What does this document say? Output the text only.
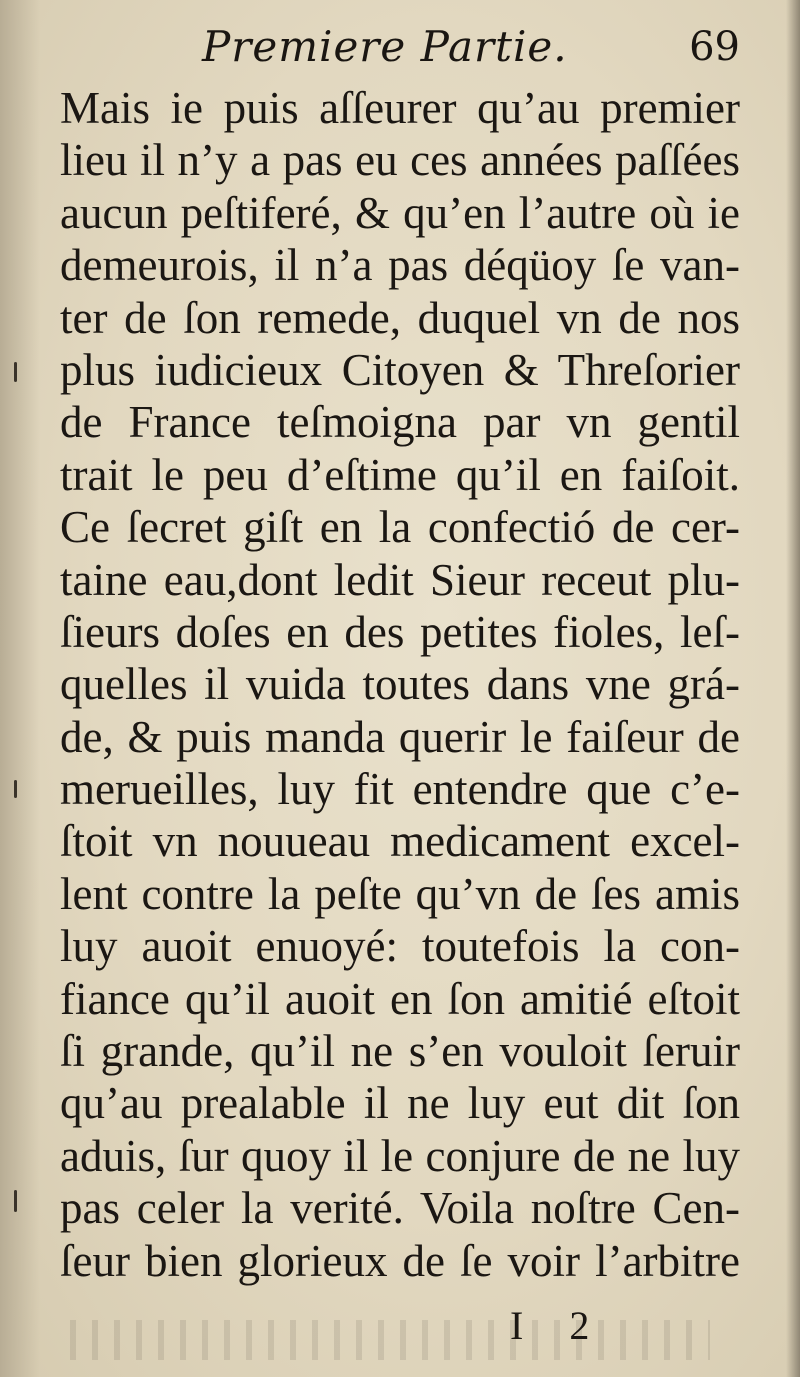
Premiere Partie.	69
Mais ie puis aſſeurer qu’au premier
lieu il n’y a pas eu ces années paſſées
aucun peſtiferé, & qu’en l’autre où ie
demeurois, il n’a pas déqüoy ſe van-
ter de ſon remede, duquel vn de nos
plus iudicieux Citoyen & Threſorier
de France teſmoigna par vn gentil
trait le peu d’eſtime qu’il en faiſoit.
Ce ſecret giſt en la confectió de cer-
taine eau,dont ledit Sieur receut plu-
ſieurs doſes en des petites fioles, leſ-
quelles il vuida toutes dans vne grá-
de, & puis manda querir le faiſeur de
merueilles, luy fit entendre que c’e-
ſtoit vn nouueau medicament excel-
lent contre la peſte qu’vn de ſes amis
luy auoit enuoyé: toutefois la con-
fiance qu’il auoit en ſon amitié eſtoit
ſi grande, qu’il ne s’en vouloit ſeruir
qu’au prealable il ne luy eut dit ſon
aduis, ſur quoy il le conjure de ne luy
pas celer la verité. Voila noſtre Cen-
ſeur bien glorieux de ſe voir l’arbitre
I 2
